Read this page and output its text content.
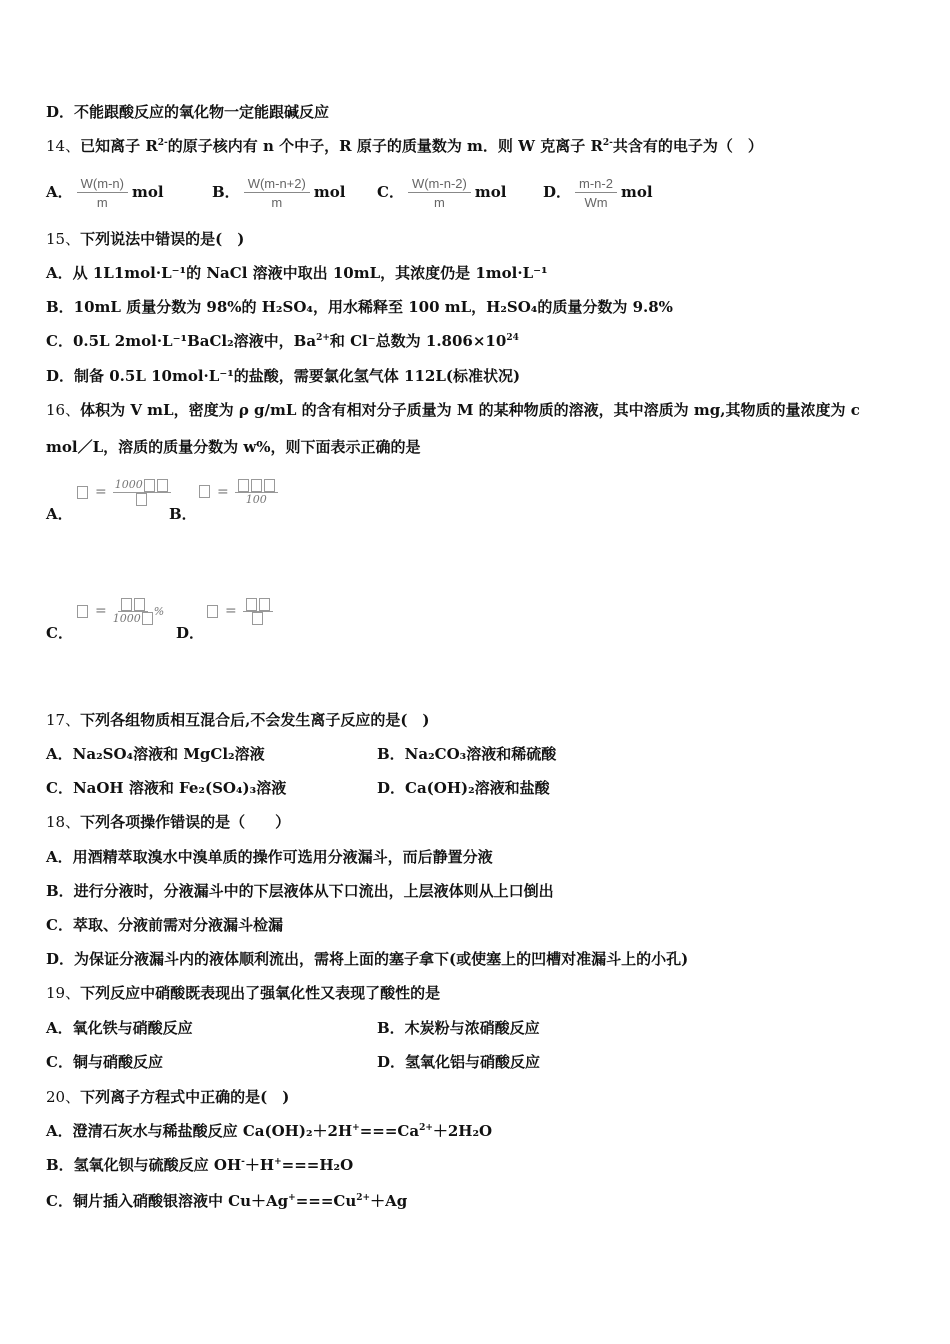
D．不能跟酸反应的氧化物一定能跟碱反应
14、已知离子 $R^{2-}$的原子核内有 n 个中子，R 原子的质量数为 m．则 W 克离子 $R^{2-}$共含有的电子为（　）
A． $\frac{W(m-n)}{m}$ mol	B． $\frac{W(m-n+2)}{m}$ mol C． $\frac{W(m-n-2)}{m}$ mol D． $\frac{m-n-2}{Wm}$ mol
15、下列说法中错误的是(　)
A．从 1L1mol·L⁻¹的 NaCl 溶液中取出 10mL，其浓度仍是 1mol·L⁻¹
B．10mL 质量分数为 98%的 H₂SO₄，用水稀释至 100 mL，H₂SO₄的质量分数为 9.8%
C．0.5L 2mol·L⁻¹BaCl₂溶液中，$Ba^{2+}$和 Cl⁻总数为 $1.806\times 10^{24}$
D．制备 0.5L 10mol·L⁻¹的盐酸，需要氯化氢气体 112L(标准状况)
16、体积为 V mL，密度为 ρ g/mL 的含有相对分子质量为 M 的某种物质的溶液，其中溶质为 mg,其物质的量浓度为 c
mol／L，溶质的质量分数为 w%，则下面表示正确的是
= 1000
A．
= 100
B．
= 1000
%
C．
=
D．
17、下列各组物质相互混合后,不会发生离子反应的是(　)
A．Na₂SO₄溶液和 MgCl₂溶液	B．Na₂CO₃溶液和稀硫酸
C．NaOH 溶液和 Fe₂(SO₄)₃溶液	D．Ca(OH)₂溶液和盐酸
18、下列各项操作错误的是（　　）
A．用酒精萃取溴水中溴单质的操作可选用分液漏斗，而后静置分液
B．进行分液时，分液漏斗中的下层液体从下口流出，上层液体则从上口倒出
C．萃取、分液前需对分液漏斗检漏
D．为保证分液漏斗内的液体顺利流出，需将上面的塞子拿下(或使塞上的凹槽对准漏斗上的小孔)
19、下列反应中硝酸既表现出了强氧化性又表现了酸性的是
A．氧化铁与硝酸反应	B．木炭粉与浓硝酸反应
C．铜与硝酸反应	D．氢氧化铝与硝酸反应
20、下列离子方程式中正确的是(　)
A．澄清石灰水与稀盐酸反应 $Ca(OH)_2+2H^+===Ca^{2+}+2H_2O$
B．氢氧化钡与硫酸反应 OH-＋H+===H₂O
C．铜片插入硝酸银溶液中 $Cu+Ag^+===Cu^{2+}+Ag$
